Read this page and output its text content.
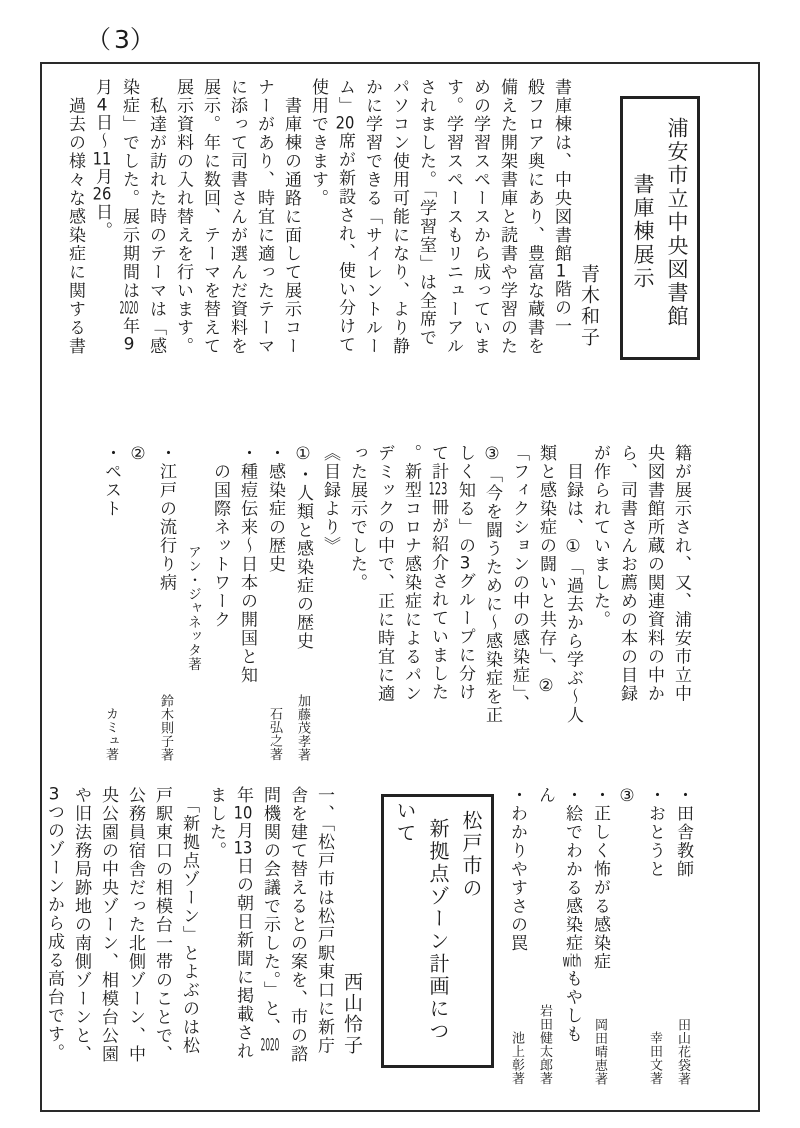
（3）

浦安市立中央図書館

書庫棟展示

青木和子

書庫棟は、中央図書館1階の一

般フロア奥にあり、豊富な蔵書を

備えた開架書庫と読書や学習のた

めの学習スペースから成っていま

す。学習スペースもリニューアル

されました。「学習室」は全席で

パソコン使用可能になり、より静

かに学習できる「サイレントルー

ム」20席が新設され、使い分けて

使用できます。

　書庫棟の通路に面して展示コー

ナーがあり、時宜に適ったテーマ

に添って司書さんが選んだ資料を

展示。年に数回、テーマを替えて

展示資料の入れ替えを行います。

　私達が訪れた時のテーマは「感

染症」でした。展示期間は2020年9

月4日～11月26日。

　過去の様々な感染症に関する書

籍が展示され、又、浦安市立中

央図書館所蔵の関連資料の中か

ら、司書さんお薦めの本の目録

が作られていました。

　目録は、①「過去から学ぶ～人

類と感染症の闘いと共存」、②

「フィクションの中の感染症」、

③「今を闘うために～感染症を正

しく知る」の3グループに分け

て計123冊が紹介されていました

。新型コロナ感染症によるパン

デミックの中で、正に時宜に適

った展示でした。

《目録より》

①・人類と感染症の歴史
加藤茂孝著

・感染症の歴史
石弘之著

・種痘伝来～日本の開国と知

　の国際ネットワーク

アン・ジャネッタ著

・江戸の流行り病
鈴木則子著

②

・ペスト
カミュ著

・田舎教師
田山花袋著

・おとうと
幸田文著

③

・正しく怖がる感染症
岡田晴恵著

・絵でわかる感染症withもやしも

ん
岩田健太郎著

・わかりやすさの罠
池上彰著

松戸市の

新拠点ゾーン計画について

西山怜子

一、「松戸市は松戸駅東口に新庁

舎を建て替えるとの案を、市の諮

問機関の会議で示した。」と、2020

年10月13日の朝日新聞に掲載され

ました。

　「新拠点ゾーン」とよぶのは松

戸駅東口の相模台一帯のことで、

公務員宿舎だった北側ゾーン、中

央公園の中央ゾーン、相模台公園

や旧法務局跡地の南側ゾーンと、

3つのゾーンから成る高台です。
